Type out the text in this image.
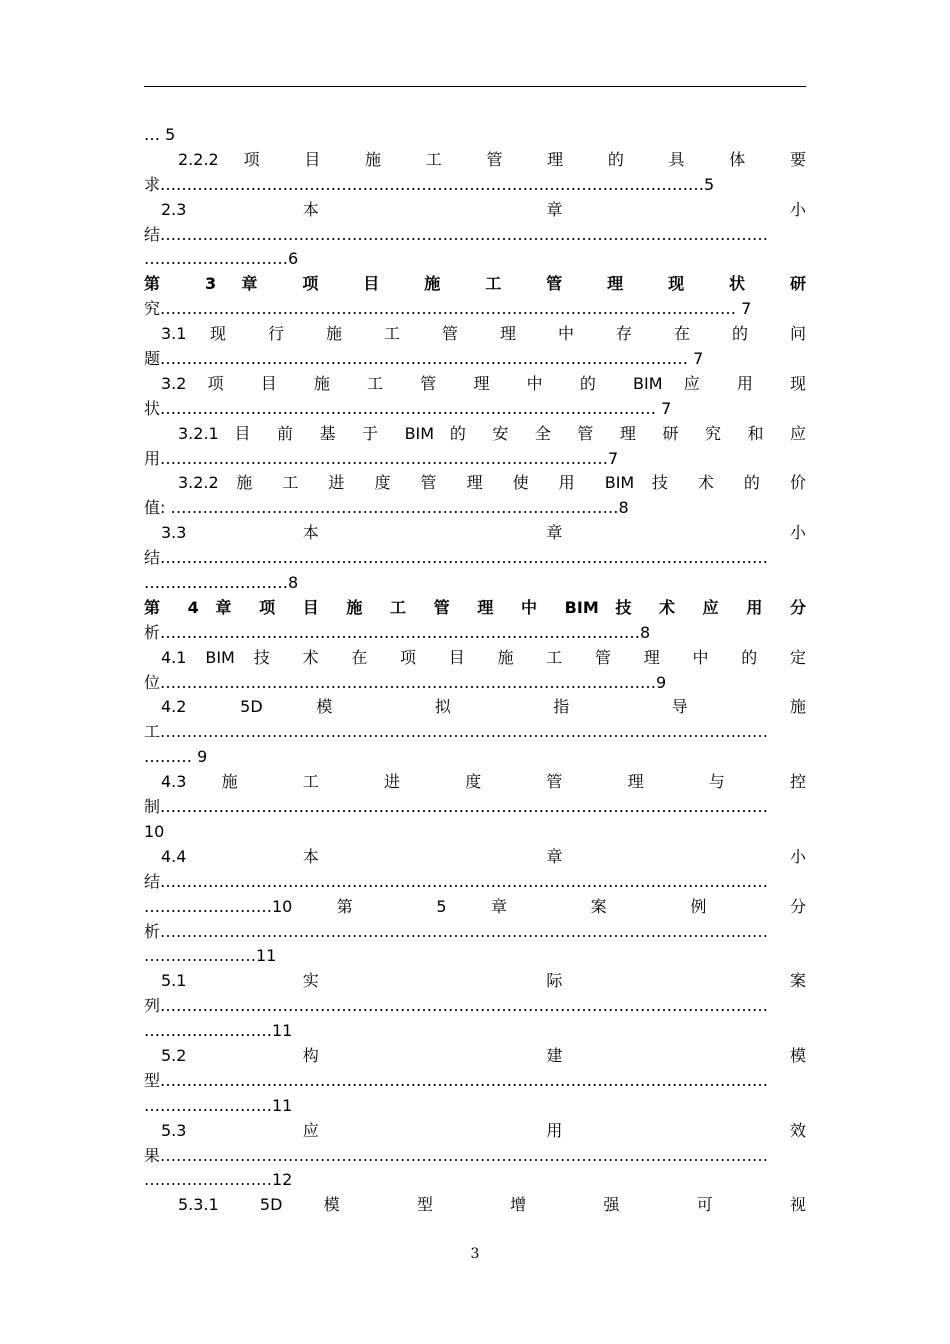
… 5
2.2.2 项 目 施 工 管 理 的 具 体 要
求…………………………………………………………………………………………5
2.3 本 章 小
结……………………………………………………………………………………………………
………………………6
第 3 章 项 目 施 工 管 理 现 状 研
究……………………………………………………………………………………………… 7
3.1 现 行 施 工 管 理 中 存 在 的 问
题……………………………………………………………………………………… 7
3.2 项 目 施 工 管 理 中 的 BIM 应 用 现
状………………………………………………………………………………… 7
3.2.1 目 前 基 于 BIM 的 安 全 管 理 研 究 和 应
用…………………………………………………………………………7
3.2.2 施 工 进 度 管 理 使 用 BIM 技 术 的 价
值: …………………………………………………………………………8
3.3 本 章 小
结……………………………………………………………………………………………………
………………………8
第 4 章 项 目 施 工 管 理 中 BIM 技 术 应 用 分
析………………………………………………………………………………8
4.1 BIM 技 术 在 项 目 施 工 管 理 中 的 定
位…………………………………………………………………………………9
4.2 5D 模 拟 指 导 施
工……………………………………………………………………………………………………
……… 9
4.3 施 工 进 度 管 理 与 控
制……………………………………………………………………………………………………
10
4.4 本 章 小
结……………………………………………………………………………………………………
……………………10 第 5 章 案 例 分
析……………………………………………………………………………………………………
…………………11
5.1 实 际 案
列……………………………………………………………………………………………………
……………………11
5.2 构 建 模
型……………………………………………………………………………………………………
……………………11
5.3 应 用 效
果……………………………………………………………………………………………………
……………………12
5.3.1 5D 模 型 增 强 可 视
3
